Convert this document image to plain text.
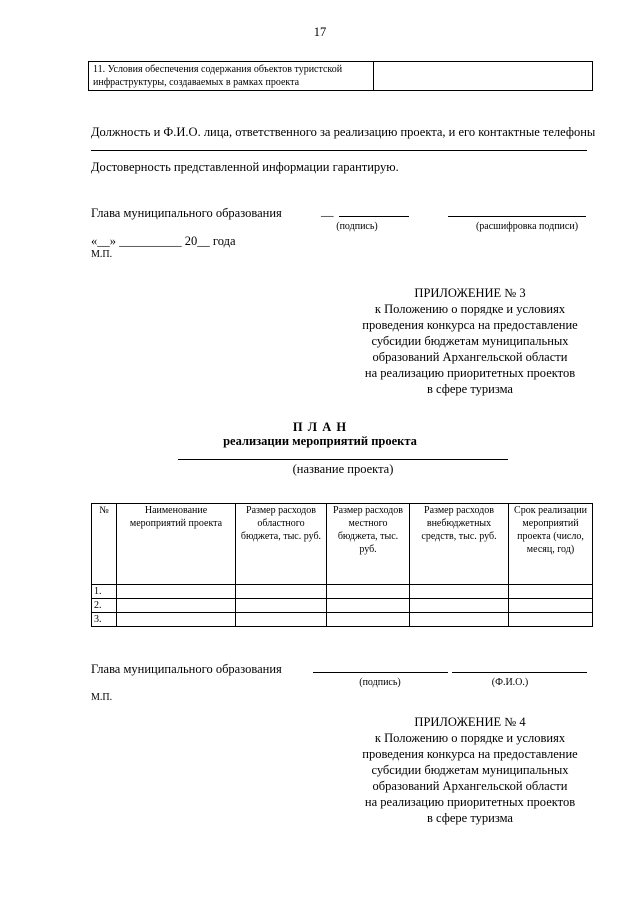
17
11. Условия обеспечения содержания объектов туристской инфраструктуры, создаваемых в рамках проекта	
Должность и Ф.И.О. лица, ответственного за реализацию проекта, и его контактные телефоны
Достоверность представленной информации гарантирую.
Глава муниципального образования	__
(подпись)	(расшифровка подписи)
«__» __________ 20__ года
М.П.
ПРИЛОЖЕНИЕ № 3
к Положению о порядке и условиях
проведения конкурса на предоставление
субсидии бюджетам муниципальных
образований Архангельской области
на реализацию приоритетных проектов
в сфере туризма
П Л А Н
реализации мероприятий проекта
(название проекта)
№	Наименование мероприятий проекта	Размер расходов областного бюджета, тыс. руб.	Размер расходов местного бюджета, тыс. руб.	Размер расходов внебюджетных средств, тыс. руб.	Срок реализации мероприятий проекта (число, месяц, год)
1.					
2.					
3.					
Глава муниципального образования
(подпись)	(Ф.И.О.)
М.П.
ПРИЛОЖЕНИЕ № 4
к Положению о порядке и условиях
проведения конкурса на предоставление
субсидии бюджетам муниципальных
образований Архангельской области
на реализацию приоритетных проектов
в сфере туризма
